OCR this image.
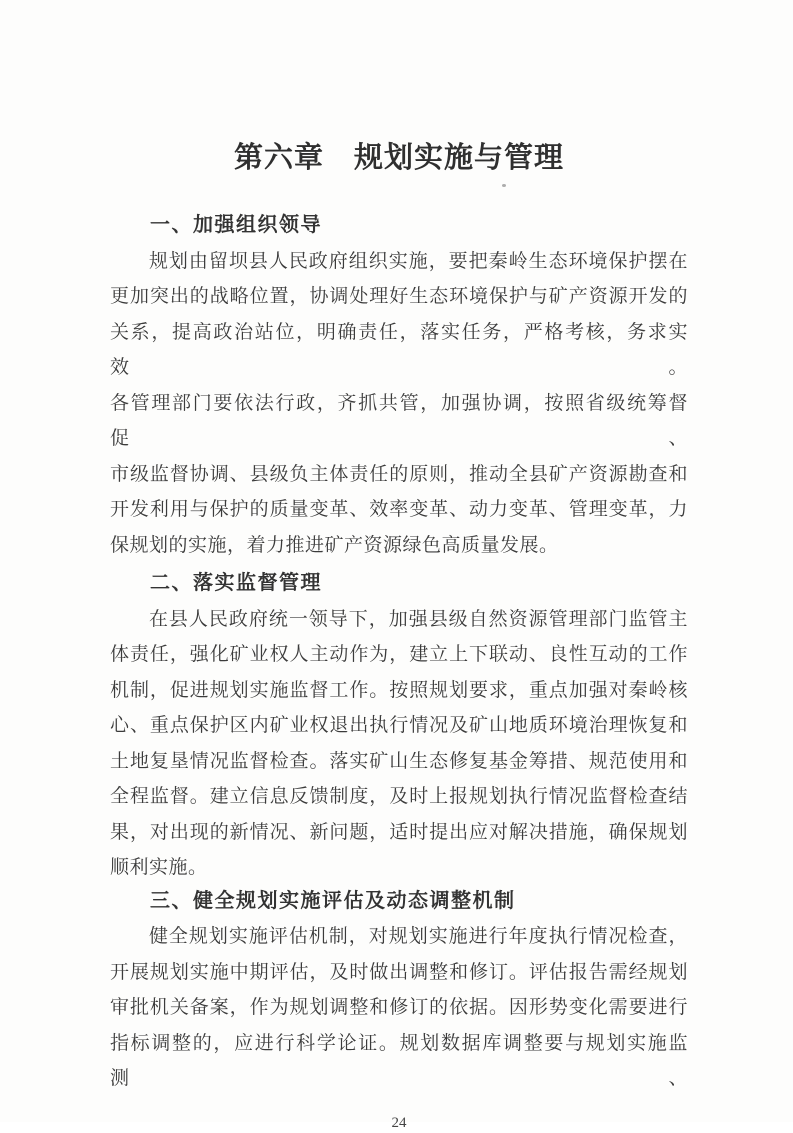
第六章　规划实施与管理
一、加强组织领导
规划由留坝县人民政府组织实施，要把秦岭生态环境保护摆在
更加突出的战略位置，协调处理好生态环境保护与矿产资源开发的
关系，提高政治站位，明确责任，落实任务，严格考核，务求实效。
各管理部门要依法行政，齐抓共管，加强协调，按照省级统筹督促、
市级监督协调、县级负主体责任的原则，推动全县矿产资源勘查和
开发利用与保护的质量变革、效率变革、动力变革、管理变革，力
保规划的实施，着力推进矿产资源绿色高质量发展。
二、落实监督管理
在县人民政府统一领导下，加强县级自然资源管理部门监管主
体责任，强化矿业权人主动作为，建立上下联动、良性互动的工作
机制，促进规划实施监督工作。按照规划要求，重点加强对秦岭核
心、重点保护区内矿业权退出执行情况及矿山地质环境治理恢复和
土地复垦情况监督检查。落实矿山生态修复基金筹措、规范使用和
全程监督。建立信息反馈制度，及时上报规划执行情况监督检查结
果，对出现的新情况、新问题，适时提出应对解决措施，确保规划
顺利实施。
三、健全规划实施评估及动态调整机制
健全规划实施评估机制，对规划实施进行年度执行情况检查，
开展规划实施中期评估，及时做出调整和修订。评估报告需经规划
审批机关备案，作为规划调整和修订的依据。因形势变化需要进行
指标调整的，应进行科学论证。规划数据库调整要与规划实施监测、
24
